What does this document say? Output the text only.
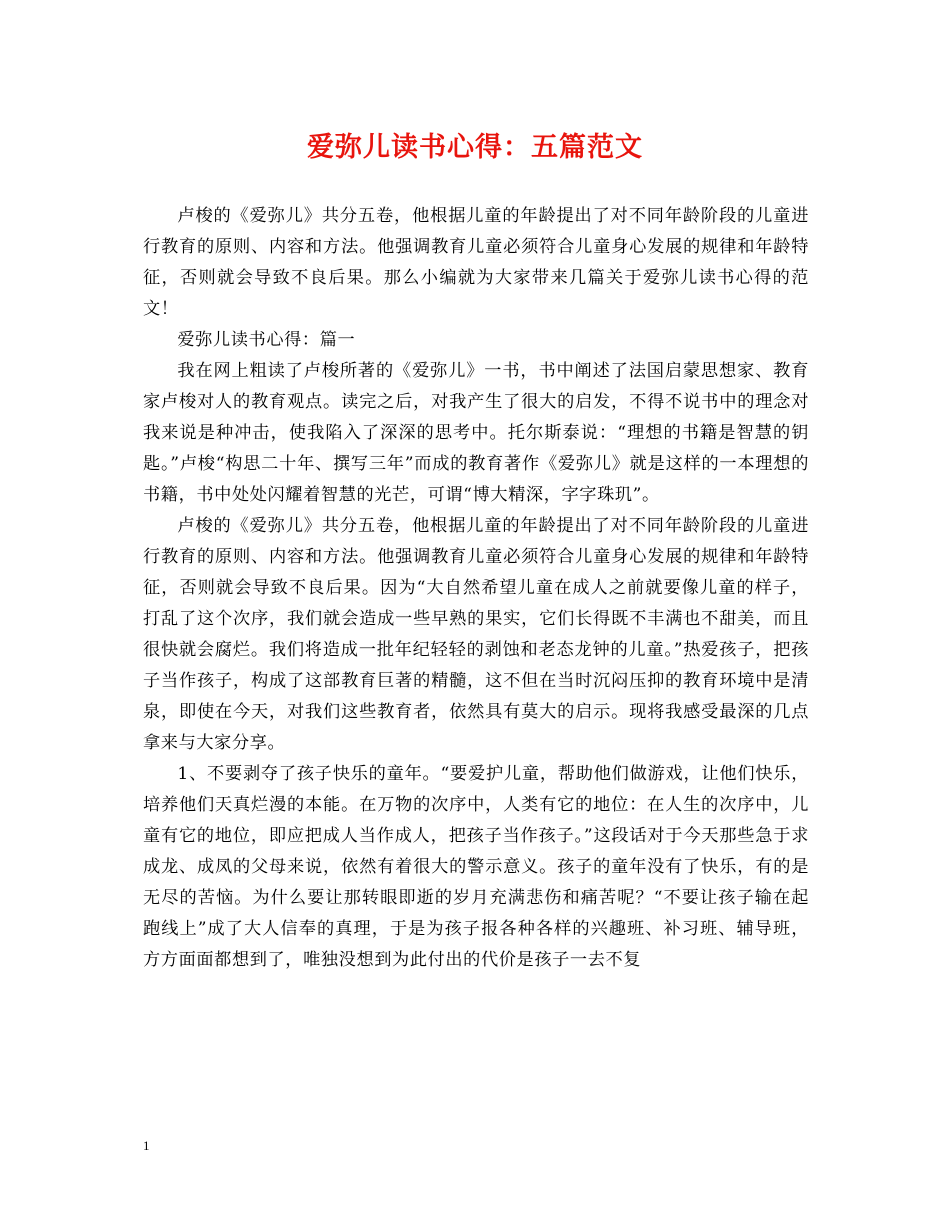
爱弥儿读书心得：五篇范文

卢梭的《爱弥儿》共分五卷，他根据儿童的年龄提出了对不同年龄阶段的儿童进行教育的原则、内容和方法。他强调教育儿童必须符合儿童身心发展的规律和年龄特征，否则就会导致不良后果。那么小编就为大家带来几篇关于爱弥儿读书心得的范文！

爱弥儿读书心得：篇一

我在网上粗读了卢梭所著的《爱弥儿》一书，书中阐述了法国启蒙思想家、教育家卢梭对人的教育观点。读完之后，对我产生了很大的启发，不得不说书中的理念对我来说是种冲击，使我陷入了深深的思考中。托尔斯泰说：“理想的书籍是智慧的钥匙。”卢梭“构思二十年、撰写三年”而成的教育著作《爱弥儿》就是这样的一本理想的书籍，书中处处闪耀着智慧的光芒，可谓“博大精深，字字珠玑”。

卢梭的《爱弥儿》共分五卷，他根据儿童的年龄提出了对不同年龄阶段的儿童进行教育的原则、内容和方法。他强调教育儿童必须符合儿童身心发展的规律和年龄特征，否则就会导致不良后果。因为“大自然希望儿童在成人之前就要像儿童的样子，打乱了这个次序，我们就会造成一些早熟的果实，它们长得既不丰满也不甜美，而且很快就会腐烂。我们将造成一批年纪轻轻的剥蚀和老态龙钟的儿童。”热爱孩子，把孩子当作孩子，构成了这部教育巨著的精髓，这不但在当时沉闷压抑的教育环境中是清泉，即使在今天，对我们这些教育者，依然具有莫大的启示。现将我感受最深的几点拿来与大家分享。

1、不要剥夺了孩子快乐的童年。“要爱护儿童，帮助他们做游戏，让他们快乐，培养他们天真烂漫的本能。在万物的次序中，人类有它的地位：在人生的次序中，儿童有它的地位，即应把成人当作成人，把孩子当作孩子。”这段话对于今天那些急于求成龙、成凤的父母来说，依然有着很大的警示意义。孩子的童年没有了快乐，有的是无尽的苦恼。为什么要让那转眼即逝的岁月充满悲伤和痛苦呢？“不要让孩子输在起跑线上”成了大人信奉的真理，于是为孩子报各种各样的兴趣班、补习班、辅导班，方方面面都想到了，唯独没想到为此付出的代价是孩子一去不复

1
